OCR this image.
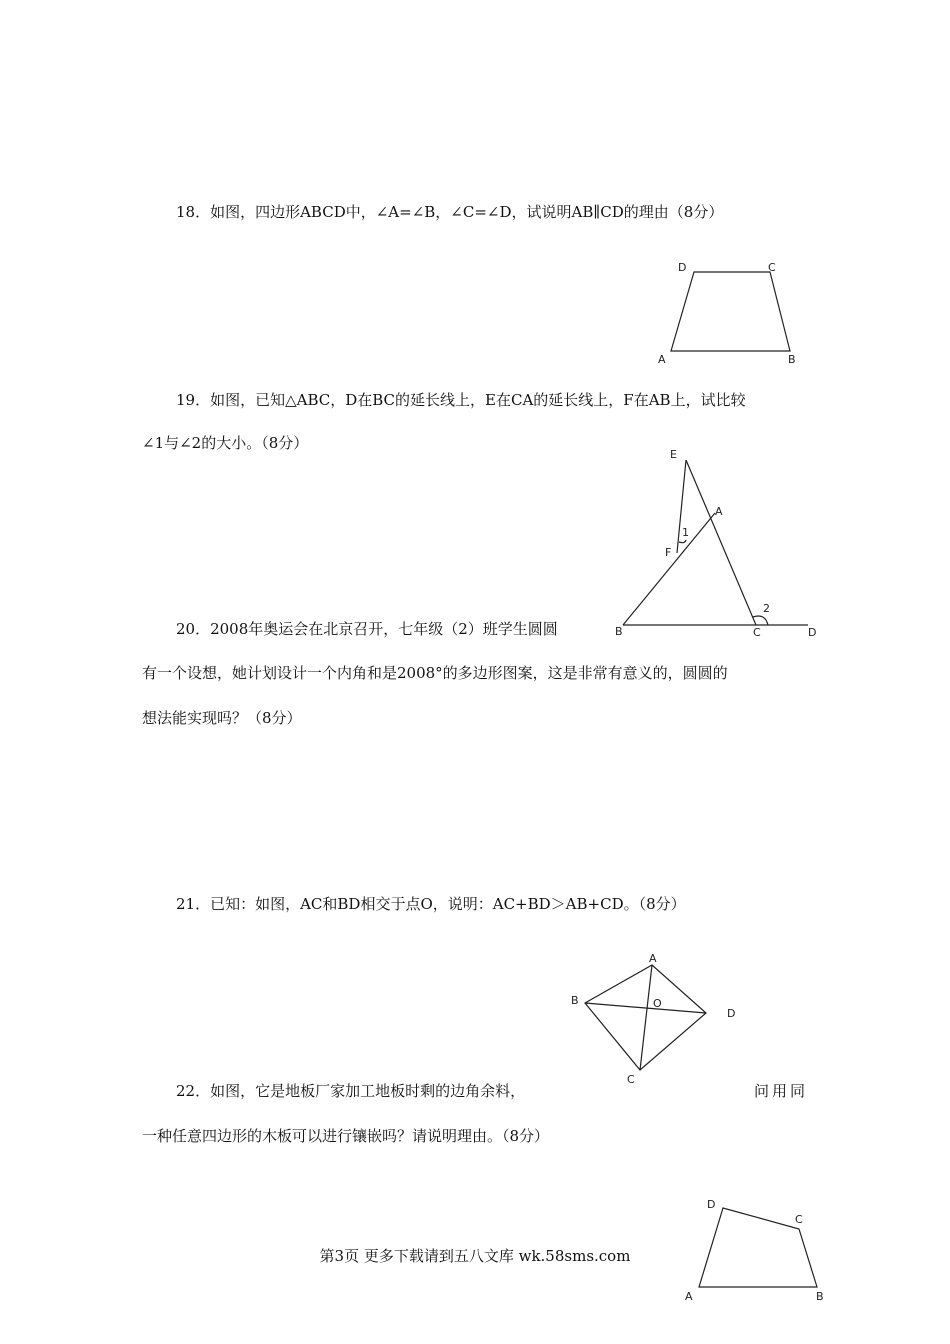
18．如图，四边形ABCD中，∠A=∠B，∠C=∠D，试说明AB∥CD的理由（8分）
D	C
A	B
19．如图，已知△ABC，D在BC的延长线上，E在CA的延长线上，F在AB上，试比较
∠1与∠2的大小。（8分）
E
A
F
1
2
B	C	D
20．2008年奥运会在北京召开，七年级（2）班学生圆圆
有一个设想，她计划设计一个内角和是2008°的多边形图案，这是非常有意义的，圆圆的
想法能实现吗？（8分）
21．已知：如图，AC和BD相交于点O，说明：AC+BD＞AB+CD。（8分）
A
B	O
D
C
22．如图，它是地板厂家加工地板时剩的边角余料，	问用同
一种任意四边形的木板可以进行镶嵌吗？请说明理由。（8分）
D
C
A	B
第3页 更多下载请到五八文库 wk.58sms.com
